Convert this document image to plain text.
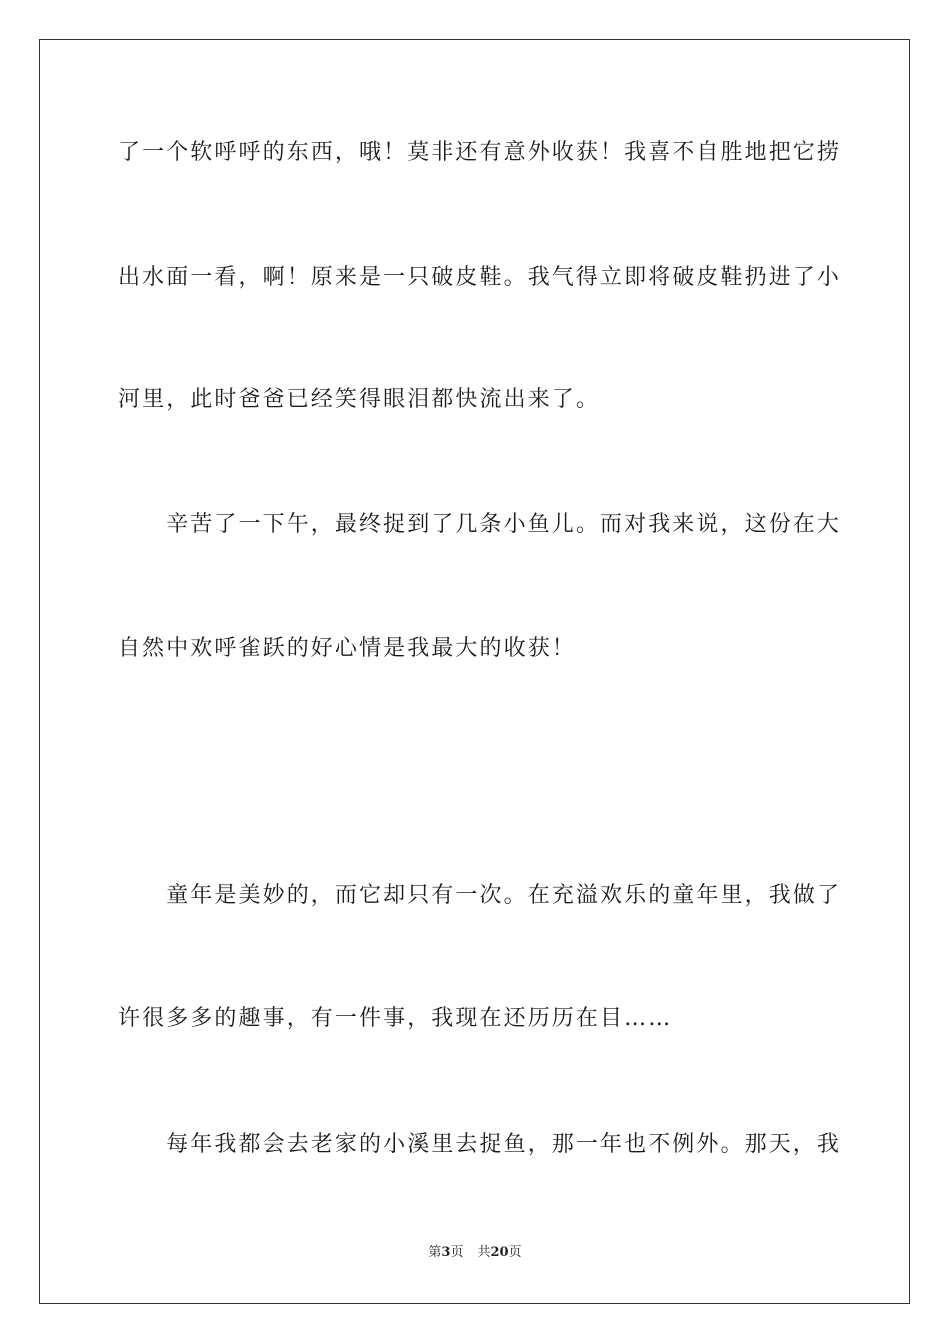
了一个软呼呼的东西，哦！莫非还有意外收获！我喜不自胜地把它捞
出水面一看，啊！原来是一只破皮鞋。我气得立即将破皮鞋扔进了小
河里，此时爸爸已经笑得眼泪都快流出来了。
　　辛苦了一下午，最终捉到了几条小鱼儿。而对我来说，这份在大
自然中欢呼雀跃的好心情是我最大的收获！
　　童年是美妙的，而它却只有一次。在充溢欢乐的童年里，我做了
许很多多的趣事，有一件事，我现在还历历在目……
　　每年我都会去老家的小溪里去捉鱼，那一年也不例外。那天，我
第3页 共20页
